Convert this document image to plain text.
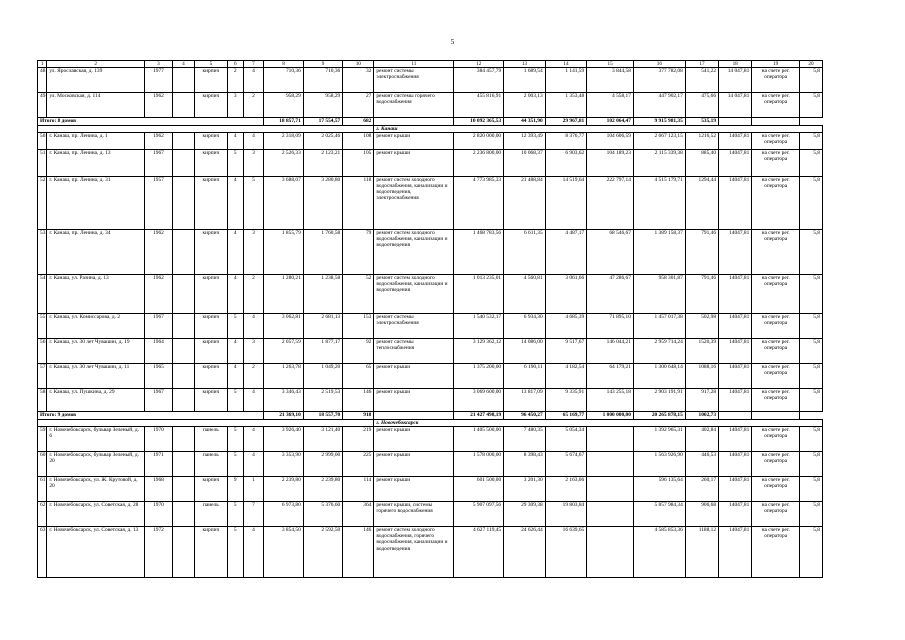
5
1	2	3	4	5	6	7	8	9	10	11	12	13	14	15	16	17	18	19	20
48	ул. Ярославская, д. 139	1977		кирпич	2	4	710,36	710,36	32	ремонт системы электроснабжения	384 457,79	1 689,54	1 141,59	3 844,58	377 782,08	541,22	14 047,81	на счете рег. оператора	5,8
49	ул. Московская, д. 114	1962		кирпич	3	2	958,29	958,29	27	ремонт системы горячего водоснабжения	455 816,91	2 003,13	1 353,48	4 558,17	447 902,17	475,66	14 047,81	на счете рег. оператора	5,8
Итого: 8 домов							18 857,71	17 554,57	682		10 092 365,53	44 351,90	29 967,81	102 064,47	9 915 981,35	535,19			
										г. Канаш									
50	г. Канаш, пр. Ленина, д. 1	1962		кирпич	4	4	2 318,09	2 025,46	108	ремонт крыши	2 820 000,00	12 393,49	8 376,77	104 606,59	2 667 123,15	1216,52	14047,81	на счете рег. оператора	5,8
51	г. Канаш, пр. Ленина, д. 13	1967		кирпич	5	3	2 526,33	2 123,21	105	ремонт крыши	2 236 800,00	10 068,37	6 903,62	104 189,23	2 115 339,38	885,40	14047,81	на счете рег. оператора	5,8
52	г. Канаш, пр. Ленина, д. 31	1957		кирпич	4	5	3 688,07	3 280,80	118	ремонт систем холодного водоснабжения, канализации и водоотведения, электроснабжения	4 773 985,33	21 488,84	14 519,64	222 797,14	4 515 179,71	1294,44	14047,81	на счете рег. оператора	5,8
53	г. Канаш, пр. Ленина, д. 34	1962		кирпич	4	3	1 855,79	1 760,58	79	ремонт систем холодного водоснабжения, канализации и водоотведения	1 468 783,56	6 611,35	4 487,17	68 546,67	1 389 158,37	791,46	14047,81	на счете рег. оператора	5,8
54	г. Канаш, ул. Разина, д. 13	1962		кирпич	4	2	1 280,21	1 238,58	52	ремонт систем холодного водоснабжения, канализации и водоотведения	1 013 235,01	4 560,81	3 061,66	47 286,67	958 301,87	791,46	14047,81	на счете рег. оператора	5,8
55	г. Канаш, ул. Комиссарова, д. 2	1967		кирпич	5	4	3 062,81	2 681,13	153	ремонт системы электроснабжения	1 540 532,17	6 934,30	4 685,39	71 895,10	1 457 017,38	502,98	14047,81	на счете рег. оператора	5,8
56	г. Канаш, ул. 30 лет Чувашии, д. 19	1964		кирпич	4	3	2 057,59	1 877,17	92	ремонт системы теплоснабжения	3 129 362,12	14 086,00	9 517,67	146 044,21	2 959 714,24	1520,39	14047,81	на счете рег. оператора	5,8
57	г. Канаш, ул. 30 лет Чувашии, д. 11	1965		кирпич	4	2	1 263,78	1 049,20	65	ремонт крыши	1 375 200,00	6 190,11	4 182,54	64 179,21	1 300 648,14	1088,16	14047,81	на счете рег. оператора	5,8
58	г. Канаш, ул. Пушкина, д. 29	1967		кирпич	5	4	3 346,43	2 519,53	146	ремонт крыши	3 069 600,00	13 817,09	9 335,91	143 255,18	2 903 191,91	917,28	14047,81	на счете рег. оператора	5,8
Итого: 9 домов							21 369,10	18 557,70	918		21 427 498,19	96 450,27	65 169,77	1 000 000,00	20 265 878,15	1002,73			
										г. Новочебоксарск									
59	г. Новочебоксарск, бульвар Зеленый, д. 6	1970		панель	5	4	3 926,40	3 121,40	219	ремонт крыши	1 405 500,00	7 480,35	5 054,34		1 392 965,31	402,84	14047,81	на счете рег. оператора	5,8
60	г. Новочебоксарск, бульвар Зеленый, д. 20	1971		панель	5	4	3 353,90	2 999,00	225	ремонт крыши	1 578 000,00	8 398,43	5 674,67		1 563 926,90	446,53	14047,81	на счете рег. оператора	5,8
61	г. Новочебоксарск, ул. Ж. Крутовой, д. 20	1968		кирпич	9	1	2 239,80	2 239,80	114	ремонт крыши	601 500,00	3 201,30	2 163,06		596 135,64	260,17	14047,81	на счете рег. оператора	5,8
62	г. Новочебоксарск, ул. Советская, д. 28	1970		панель	5	7	6 973,80	5 376,60	364	ремонт крыши, системы горячего водоснабжения	5 907 097,56	29 309,38	19 803,84		5 857 984,34	906,68	14047,81	на счете рег. оператора	5,8
63	г. Новочебоксарск, ул. Советская, д. 13	1972		кирпич	5	4	3 854,50	2 592,50	146	ремонт систем холодного водоснабжения, горячего водоснабжения, канализации и водоотведения	4 627 119,45	24 626,44	16 639,65		4 585 853,36	1188,12	14047,81	на счете рег. оператора	5,8
